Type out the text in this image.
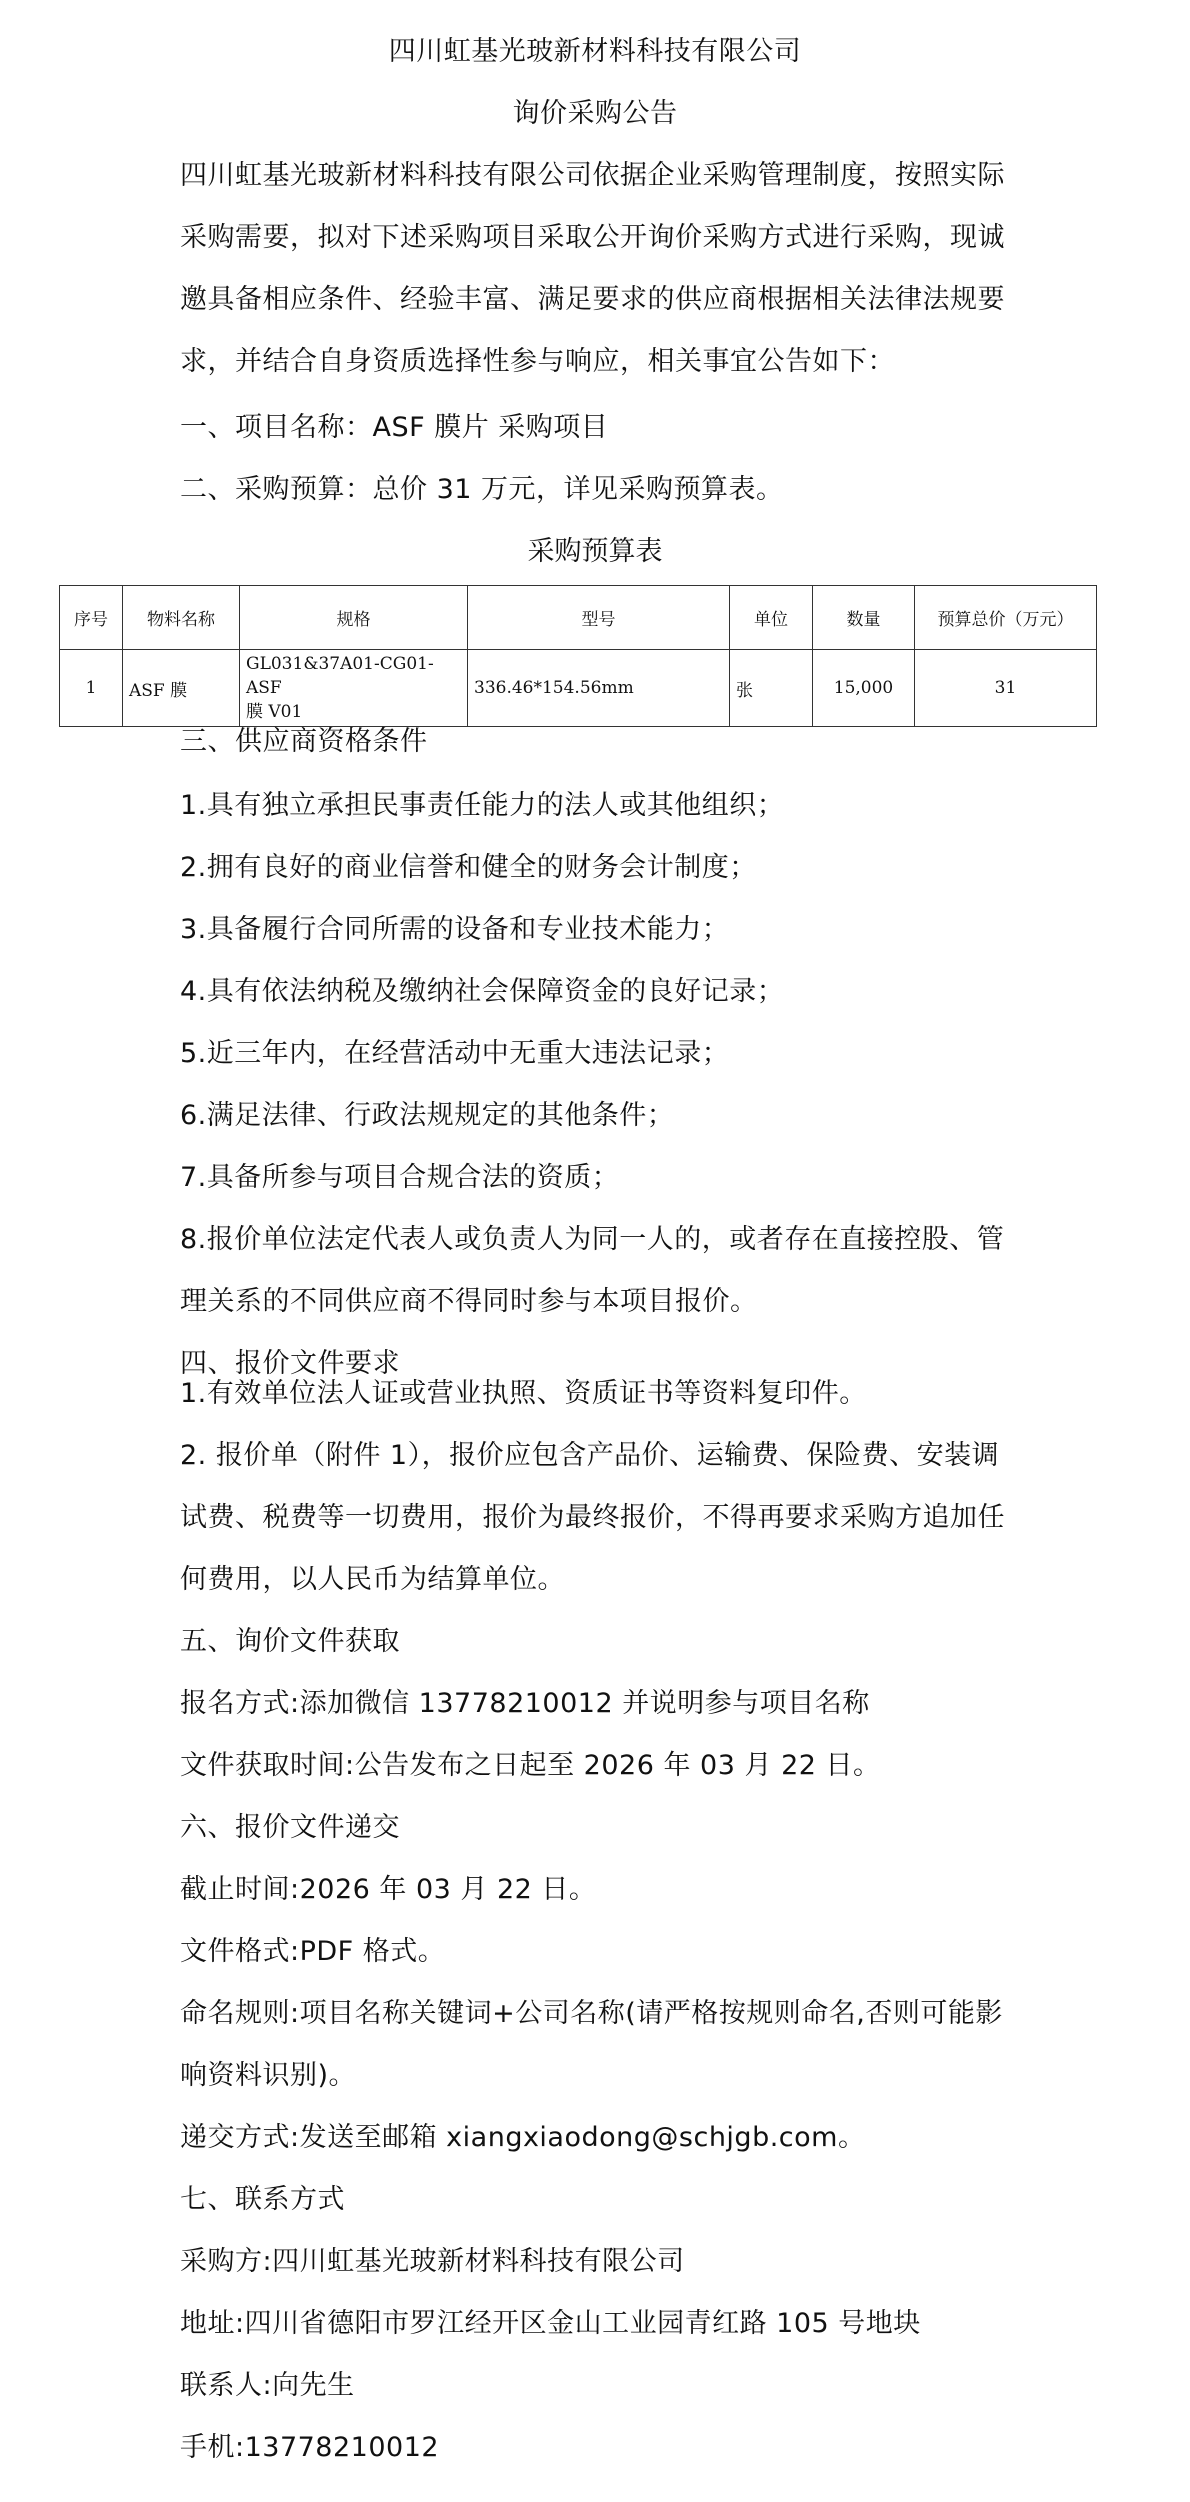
四川虹基光玻新材料科技有限公司
询价采购公告
四川虹基光玻新材料科技有限公司依据企业采购管理制度，按照实际
采购需要，拟对下述采购项目采取公开询价采购方式进行采购，现诚
邀具备相应条件、经验丰富、满足要求的供应商根据相关法律法规要
求，并结合自身资质选择性参与响应，相关事宜公告如下：
一、项目名称：ASF 膜片 采购项目
二、采购预算：总价 31 万元，详见采购预算表。
采购预算表
序号	物料名称	规格	型号	单位	数量	预算总价（万元）
1	ASF 膜	GL031&37A01-CG01-ASF
膜 V01	336.46*154.56mm	张	15,000	31
三、供应商资格条件
1.具有独立承担民事责任能力的法人或其他组织；
2.拥有良好的商业信誉和健全的财务会计制度；
3.具备履行合同所需的设备和专业技术能力；
4.具有依法纳税及缴纳社会保障资金的良好记录；
5.近三年内，在经营活动中无重大违法记录；
6.满足法律、行政法规规定的其他条件；
7.具备所参与项目合规合法的资质；
8.报价单位法定代表人或负责人为同一人的，或者存在直接控股、管
理关系的不同供应商不得同时参与本项目报价。
四、报价文件要求
1.有效单位法人证或营业执照、资质证书等资料复印件。
2. 报价单（附件 1），报价应包含产品价、运输费、保险费、安装调
试费、税费等一切费用，报价为最终报价，不得再要求采购方追加任
何费用，以人民币为结算单位。
五、询价文件获取
报名方式:添加微信 13778210012 并说明参与项目名称
文件获取时间:公告发布之日起至 2026 年 03 月 22 日。
六、报价文件递交
截止时间:2026 年 03 月 22 日。
文件格式:PDF 格式。
命名规则:项目名称关键词+公司名称(请严格按规则命名,否则可能影
响资料识别)。
递交方式:发送至邮箱 xiangxiaodong@schjgb.com。
七、联系方式
采购方:四川虹基光玻新材料科技有限公司
地址:四川省德阳市罗江经开区金山工业园青红路 105 号地块
联系人:向先生
手机:13778210012
